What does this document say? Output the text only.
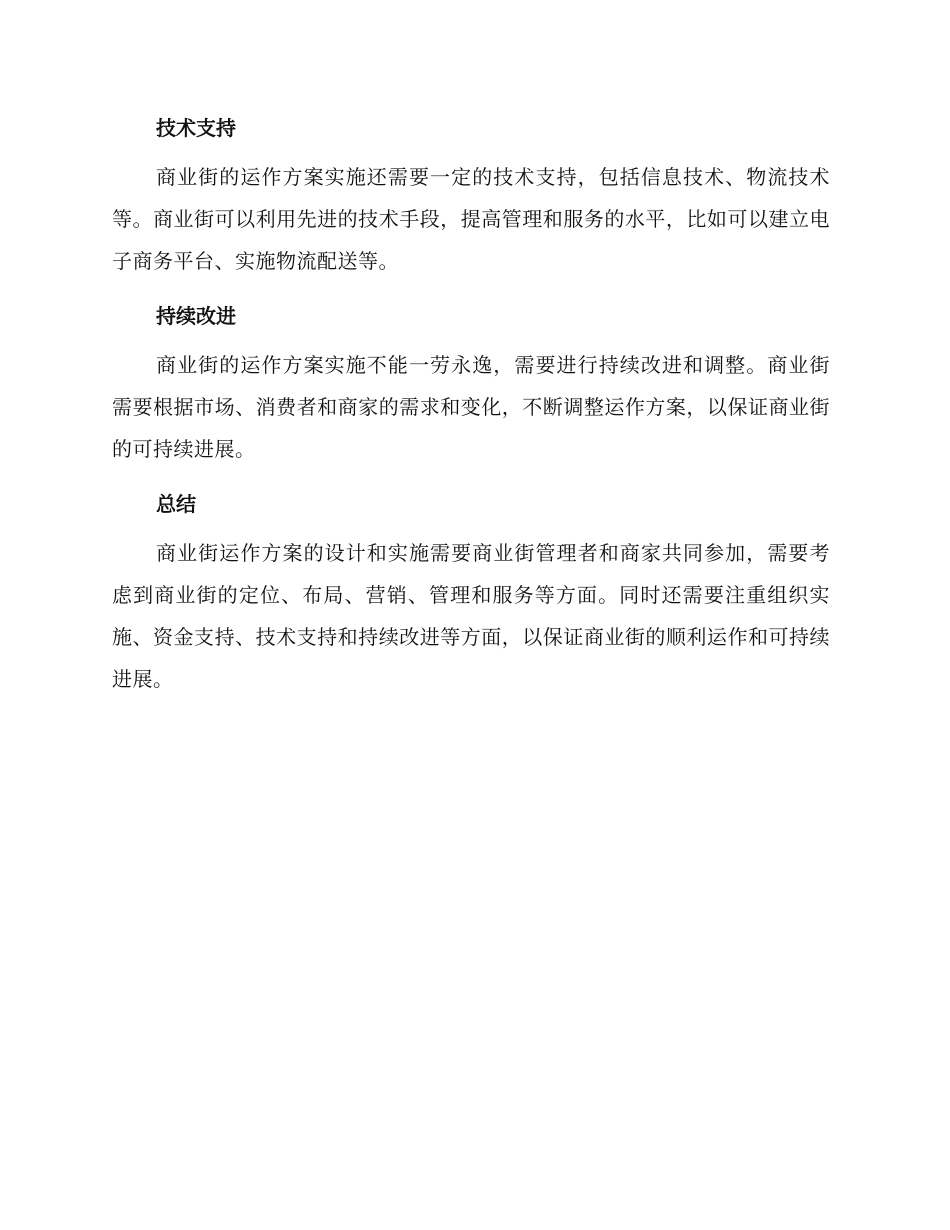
技术支持

商业街的运作方案实施还需要一定的技术支持，包括信息技术、物流技术等。商业街可以利用先进的技术手段，提高管理和服务的水平，比如可以建立电子商务平台、实施物流配送等。

持续改进

商业街的运作方案实施不能一劳永逸，需要进行持续改进和调整。商业街需要根据市场、消费者和商家的需求和变化，不断调整运作方案，以保证商业街的可持续进展。

总结

商业街运作方案的设计和实施需要商业街管理者和商家共同参加，需要考虑到商业街的定位、布局、营销、管理和服务等方面。同时还需要注重组织实施、资金支持、技术支持和持续改进等方面，以保证商业街的顺利运作和可持续进展。
